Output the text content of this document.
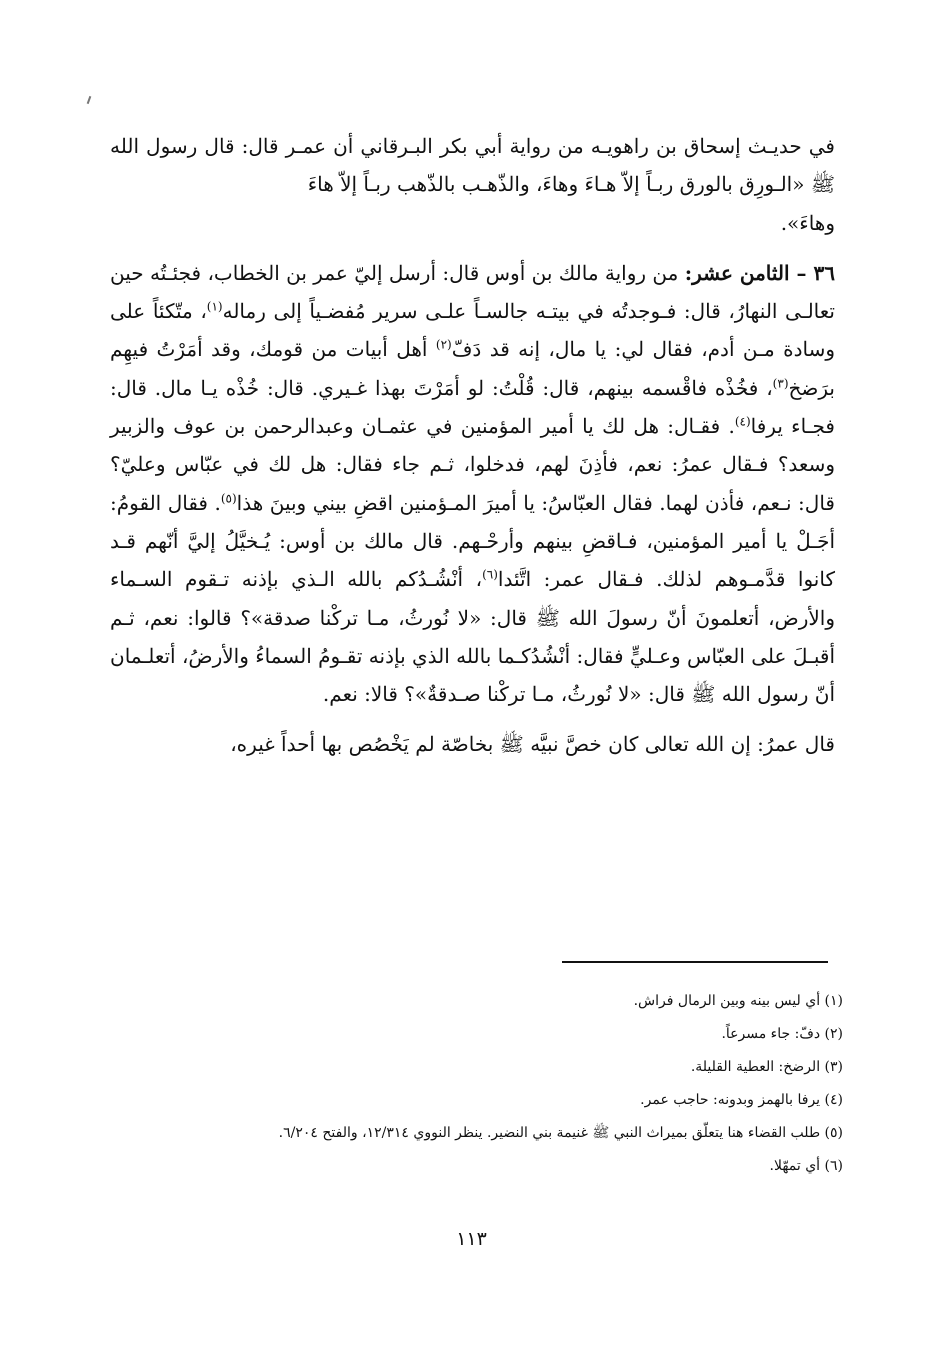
في حديـث إسحاق بن راهويـه من رواية أبي بكر البـرقاني أن عمـر قال: قال رسول الله ﷺ «الـورِق بالورق ربـاً إلاّ هـاءَ وهاءَ، والذّهـب بالذّهب ربـاً إلاّ هاءَ
وهاءَ».

٣٦ – الثامن عشر: من رواية مالك بن أوس قال: أرسل إليّ عمر بن الخطاب، فجئـتُه حين تعالـى النهارُ، قال: فـوجدتُه في بيتـه جالسـاً علـى سرير مُفضـياً إلى رماله$^{(١)}$، متّكئاً على وسادة مـن أدم، فقال لي: يا مال، إنه قد دَفّ$^{(٢)}$ أهل أبيات من قومك، وقد أمَرْتُ فيهِم برَضخ$^{(٣)}$، فخُذْه فاقْسمه بينهم، قال: قُلْتُ: لو أمَرْتَ بهذا غـيري. قال: خُذْه يـا مال. قال: فجـاء يرفا$^{(٤)}$. فقـال: هل لك يا أمير المؤمنين في عثمـان وعبدالرحمن بن عوف والزبير وسعد؟ فـقال عمرُ: نعم، فأذِنَ لهم، فدخلوا، ثـم جاء فقال: هل لك في عبّاس وعليّ؟ قال: نـعم، فأذن لهما. فقال العبّاسُ: يا أميرَ المـؤمنين اقضِ بيني وبينَ هذا$^{(٥)}$. فقال القومُ: أجَـلْ يا أمير المؤمنين، فـاقضِ بينهم وأرحْـهم. قال مالك بن أوس: يُـخيَّلُ إليَّ أنّهم قـد كانوا قدَّمـوهم لذلك. فـقال عمر: اتَّئدا$^{(٦)}$، أنْشُـدُكم بالله الـذي بإذنه تـقوم السـماء والأرض، أتعلمونَ أنّ رسولَ الله ﷺ قال: «لا نُورثُ، مـا تركْنا صدقة»؟ قالوا: نعم، ثـم أقبـلَ على العبّاس وعـليٍّ فقال: أنْشُدُكـما بالله الذي بإذنه تقـومُ السماءُ والأرضُ، أتعلـمان أنّ رسول الله ﷺ قال: «لا نُورثُ، مـا تركْنا صـدقةٌ»؟ قالا: نعم.

قال عمرُ: إن الله تعالى كان خصَّ نبيَّه ﷺ بخاصّة لم يَخْصُص بها أحداً غيره،

(١) أي ليس بينه وبين الرمال فراش.

(٢) دفّ: جاء مسرعاً.

(٣) الرضخ: العطية القليلة.

(٤) يرفا بالهمز وبدونه: حاجب عمر.

(٥) طلب القضاء هنا يتعلّق بميراث النبي ﷺ غنيمة بني النضير. ينظر النووي ١٢/٣١٤، والفتح ٦/٢٠٤.

(٦) أي تمهّلا.

١١٣
